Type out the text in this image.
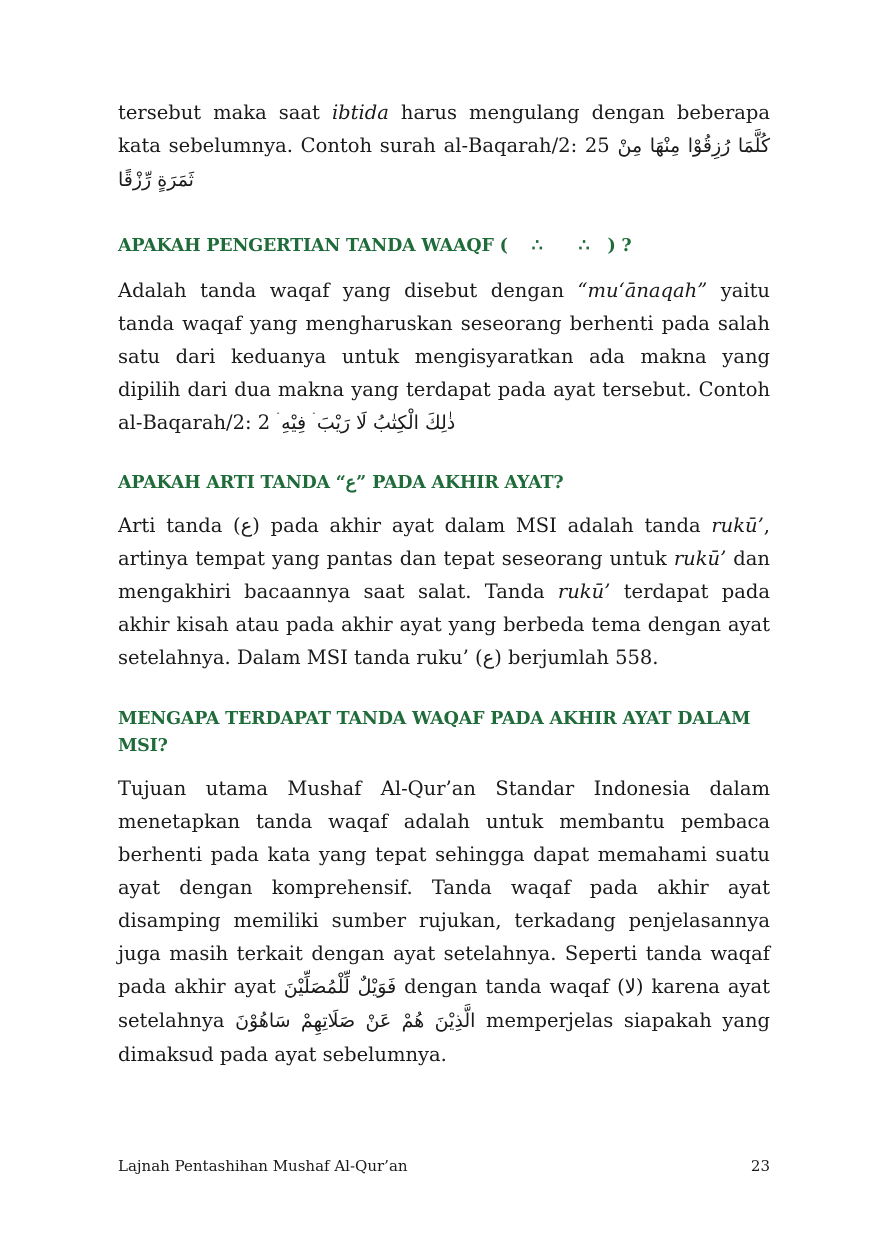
tersebut maka saat ibtida harus mengulang dengan beberapa kata sebelumnya. Contoh surah al-Baqarah/2: 25 كُلَّمَا رُزِقُوْا مِنْهَا مِنْ ثَمَرَةٍ رِّزْقًا

APAKAH PENGERTIAN TANDA WAAQF ( ∴ ∴ ) ?

Adalah tanda waqaf yang disebut dengan “mu‘ānaqah” yaitu tanda waqaf yang mengharuskan seseorang berhenti pada salah satu dari keduanya untuk mengisyaratkan ada makna yang dipilih dari dua makna yang terdapat pada ayat tersebut. Contoh al-Baqarah/2: 2 ذٰلِكَ الْكِتٰبُ لَا رَيْبَ ۛ فِيْهِ ۛ

APAKAH ARTI TANDA “ع” PADA AKHIR AYAT?

Arti tanda (ع) pada akhir ayat dalam MSI adalah tanda rukū’, artinya tempat yang pantas dan tepat seseorang untuk rukū’ dan mengakhiri bacaannya saat salat. Tanda rukū’ terdapat pada akhir kisah atau pada akhir ayat yang berbeda tema dengan ayat setelahnya. Dalam MSI tanda ruku’ (ع) berjumlah 558.

MENGAPA TERDAPAT TANDA WAQAF PADA AKHIR AYAT DALAM MSI?

Tujuan utama Mushaf Al-Qur’an Standar Indonesia dalam menetapkan tanda waqaf adalah untuk membantu pembaca berhenti pada kata yang tepat sehingga dapat memahami suatu ayat dengan komprehensif. Tanda waqaf pada akhir ayat disamping memiliki sumber rujukan, terkadang penjelasannya juga masih terkait dengan ayat setelahnya. Seperti tanda waqaf pada akhir ayat فَوَيْلٌ لِّلْمُصَلِّيْنَ dengan tanda waqaf (لا) karena ayat setelahnya الَّذِيْنَ هُمْ عَنْ صَلَاتِهِمْ سَاهُوْنَ memperjelas siapakah yang dimaksud pada ayat sebelumnya.

Lajnah Pentashihan Mushaf Al-Qur’an	23
